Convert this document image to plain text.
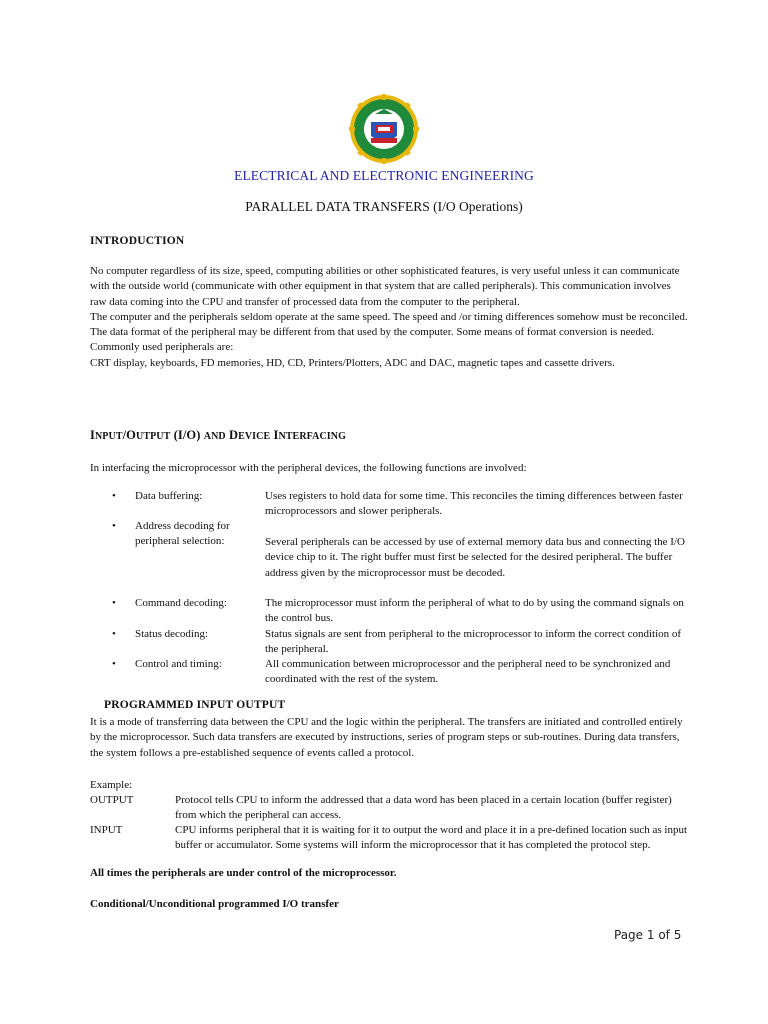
ELECTRICAL AND ELECTRONIC ENGINEERING
PARALLEL DATA TRANSFERS (I/O Operations)
INTRODUCTION
No computer regardless of its size, speed, computing abilities or other sophisticated features, is very useful unless it can communicate with the outside world (communicate with other equipment in that system that are called peripherals). This communication involves raw data coming into the CPU and transfer of processed data from the computer to the peripheral.
The computer and the peripherals seldom operate at the same speed. The speed and /or timing differences somehow must be reconciled. The data format of the peripheral may be different from that used by the computer. Some means of format conversion is needed.
Commonly used peripherals are:
CRT display, keyboards, FD memories, HD, CD, Printers/Plotters, ADC and DAC, magnetic tapes and cassette drivers.
INPUT/OUTPUT (I/O) AND DEVICE INTERFACING
In interfacing the microprocessor with the peripheral devices, the following functions are involved:
• Data buffering:	Uses registers to hold data for some time. This reconciles the timing differences between faster microprocessors and slower peripherals.
• Address decoding for peripheral selection:	Several peripherals can be accessed by use of external memory data bus and connecting the I/O device chip to it. The right buffer must first be selected for the desired peripheral. The buffer address given by the microprocessor must be decoded.
• Command decoding:	The microprocessor must inform the peripheral of what to do by using the command signals on the control bus.
• Status decoding:	Status signals are sent from peripheral to the microprocessor to inform the correct condition of the peripheral.
• Control and timing:	All communication between microprocessor and the peripheral need to be synchronized and coordinated with the rest of the system.
PROGRAMMED INPUT OUTPUT
It is a mode of transferring data between the CPU and the logic within the peripheral. The transfers are initiated and controlled entirely by the microprocessor. Such data transfers are executed by instructions, series of program steps or sub-routines. During data transfers, the system follows a pre-established sequence of events called a protocol.
Example:
OUTPUT	Protocol tells CPU to inform the addressed that a data word has been placed in a certain location (buffer register) from which the peripheral can access.
INPUT	CPU informs peripheral that it is waiting for it to output the word and place it in a pre-defined location such as input buffer or accumulator. Some systems will inform the microprocessor that it has completed the protocol step.
All times the peripherals are under control of the microprocessor.
Conditional/Unconditional programmed I/O transfer
Page 1 of 5
